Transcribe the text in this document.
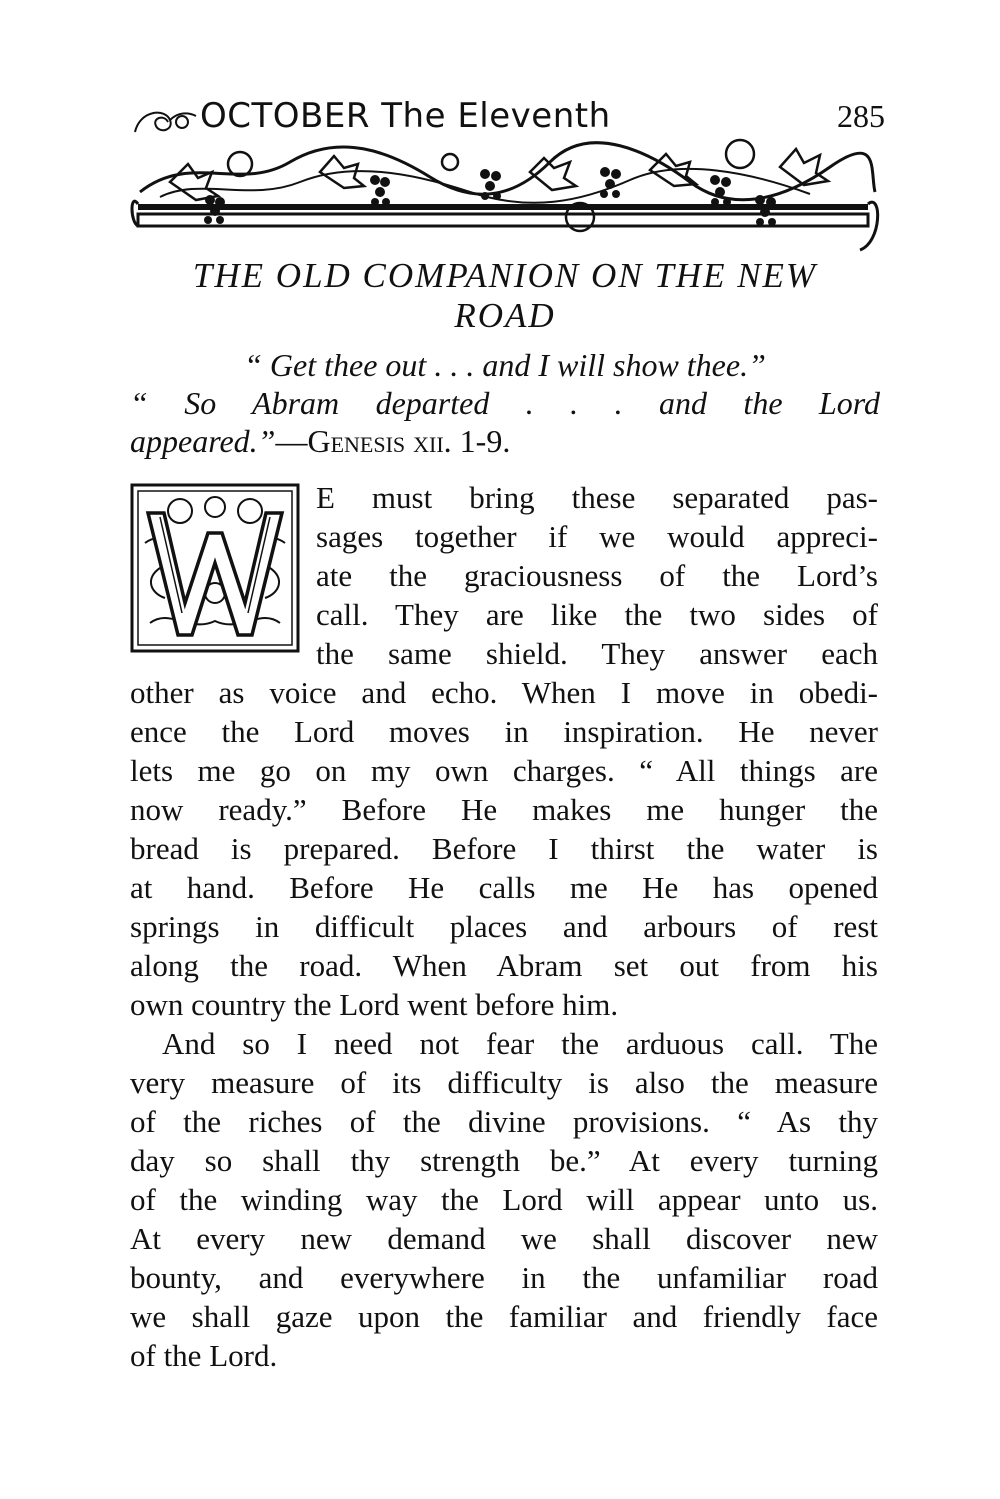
OCTOBER The Eleventh	285
THE OLD COMPANION ON THE NEW
ROAD
“ Get thee out . . . and I will show thee.”
“ So Abram departed . . . and the Lord
appeared.”—Genesis xii. 1-9.
E must bring these separated pas-
sages together if we would appreci-
ate the graciousness of the Lord’s
call. They are like the two sides of
the same shield. They answer each
other as voice and echo. When I move in obedi-
ence the Lord moves in inspiration. He never
lets me go on my own charges. “ All things are
now ready.” Before He makes me hunger the
bread is prepared. Before I thirst the water is
at hand. Before He calls me He has opened
springs in difficult places and arbours of rest
along the road. When Abram set out from his
own country the Lord went before him.
And so I need not fear the arduous call. The
very measure of its difficulty is also the measure
of the riches of the divine provisions. “ As thy
day so shall thy strength be.” At every turning
of the winding way the Lord will appear unto us.
At every new demand we shall discover new
bounty, and everywhere in the unfamiliar road
we shall gaze upon the familiar and friendly face
of the Lord.
